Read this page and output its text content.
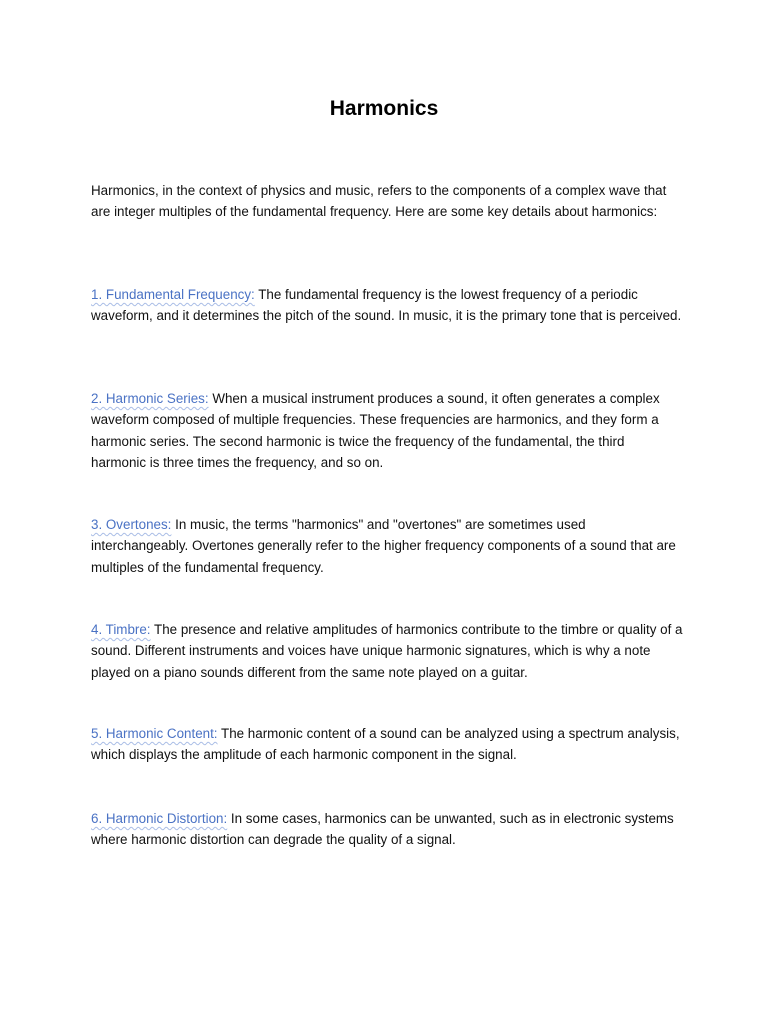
Harmonics

Harmonics, in the context of physics and music, refers to the components of a complex wave that are integer multiples of the fundamental frequency. Here are some key details about harmonics:

1. Fundamental Frequency: The fundamental frequency is the lowest frequency of a periodic waveform, and it determines the pitch of the sound. In music, it is the primary tone that is perceived.

2. Harmonic Series: When a musical instrument produces a sound, it often generates a complex waveform composed of multiple frequencies. These frequencies are harmonics, and they form a harmonic series. The second harmonic is twice the frequency of the fundamental, the third harmonic is three times the frequency, and so on.

3. Overtones: In music, the terms "harmonics" and "overtones" are sometimes used interchangeably. Overtones generally refer to the higher frequency components of a sound that are multiples of the fundamental frequency.

4. Timbre: The presence and relative amplitudes of harmonics contribute to the timbre or quality of a sound. Different instruments and voices have unique harmonic signatures, which is why a note played on a piano sounds different from the same note played on a guitar.

5. Harmonic Content: The harmonic content of a sound can be analyzed using a spectrum analysis, which displays the amplitude of each harmonic component in the signal.

6. Harmonic Distortion: In some cases, harmonics can be unwanted, such as in electronic systems where harmonic distortion can degrade the quality of a signal.
